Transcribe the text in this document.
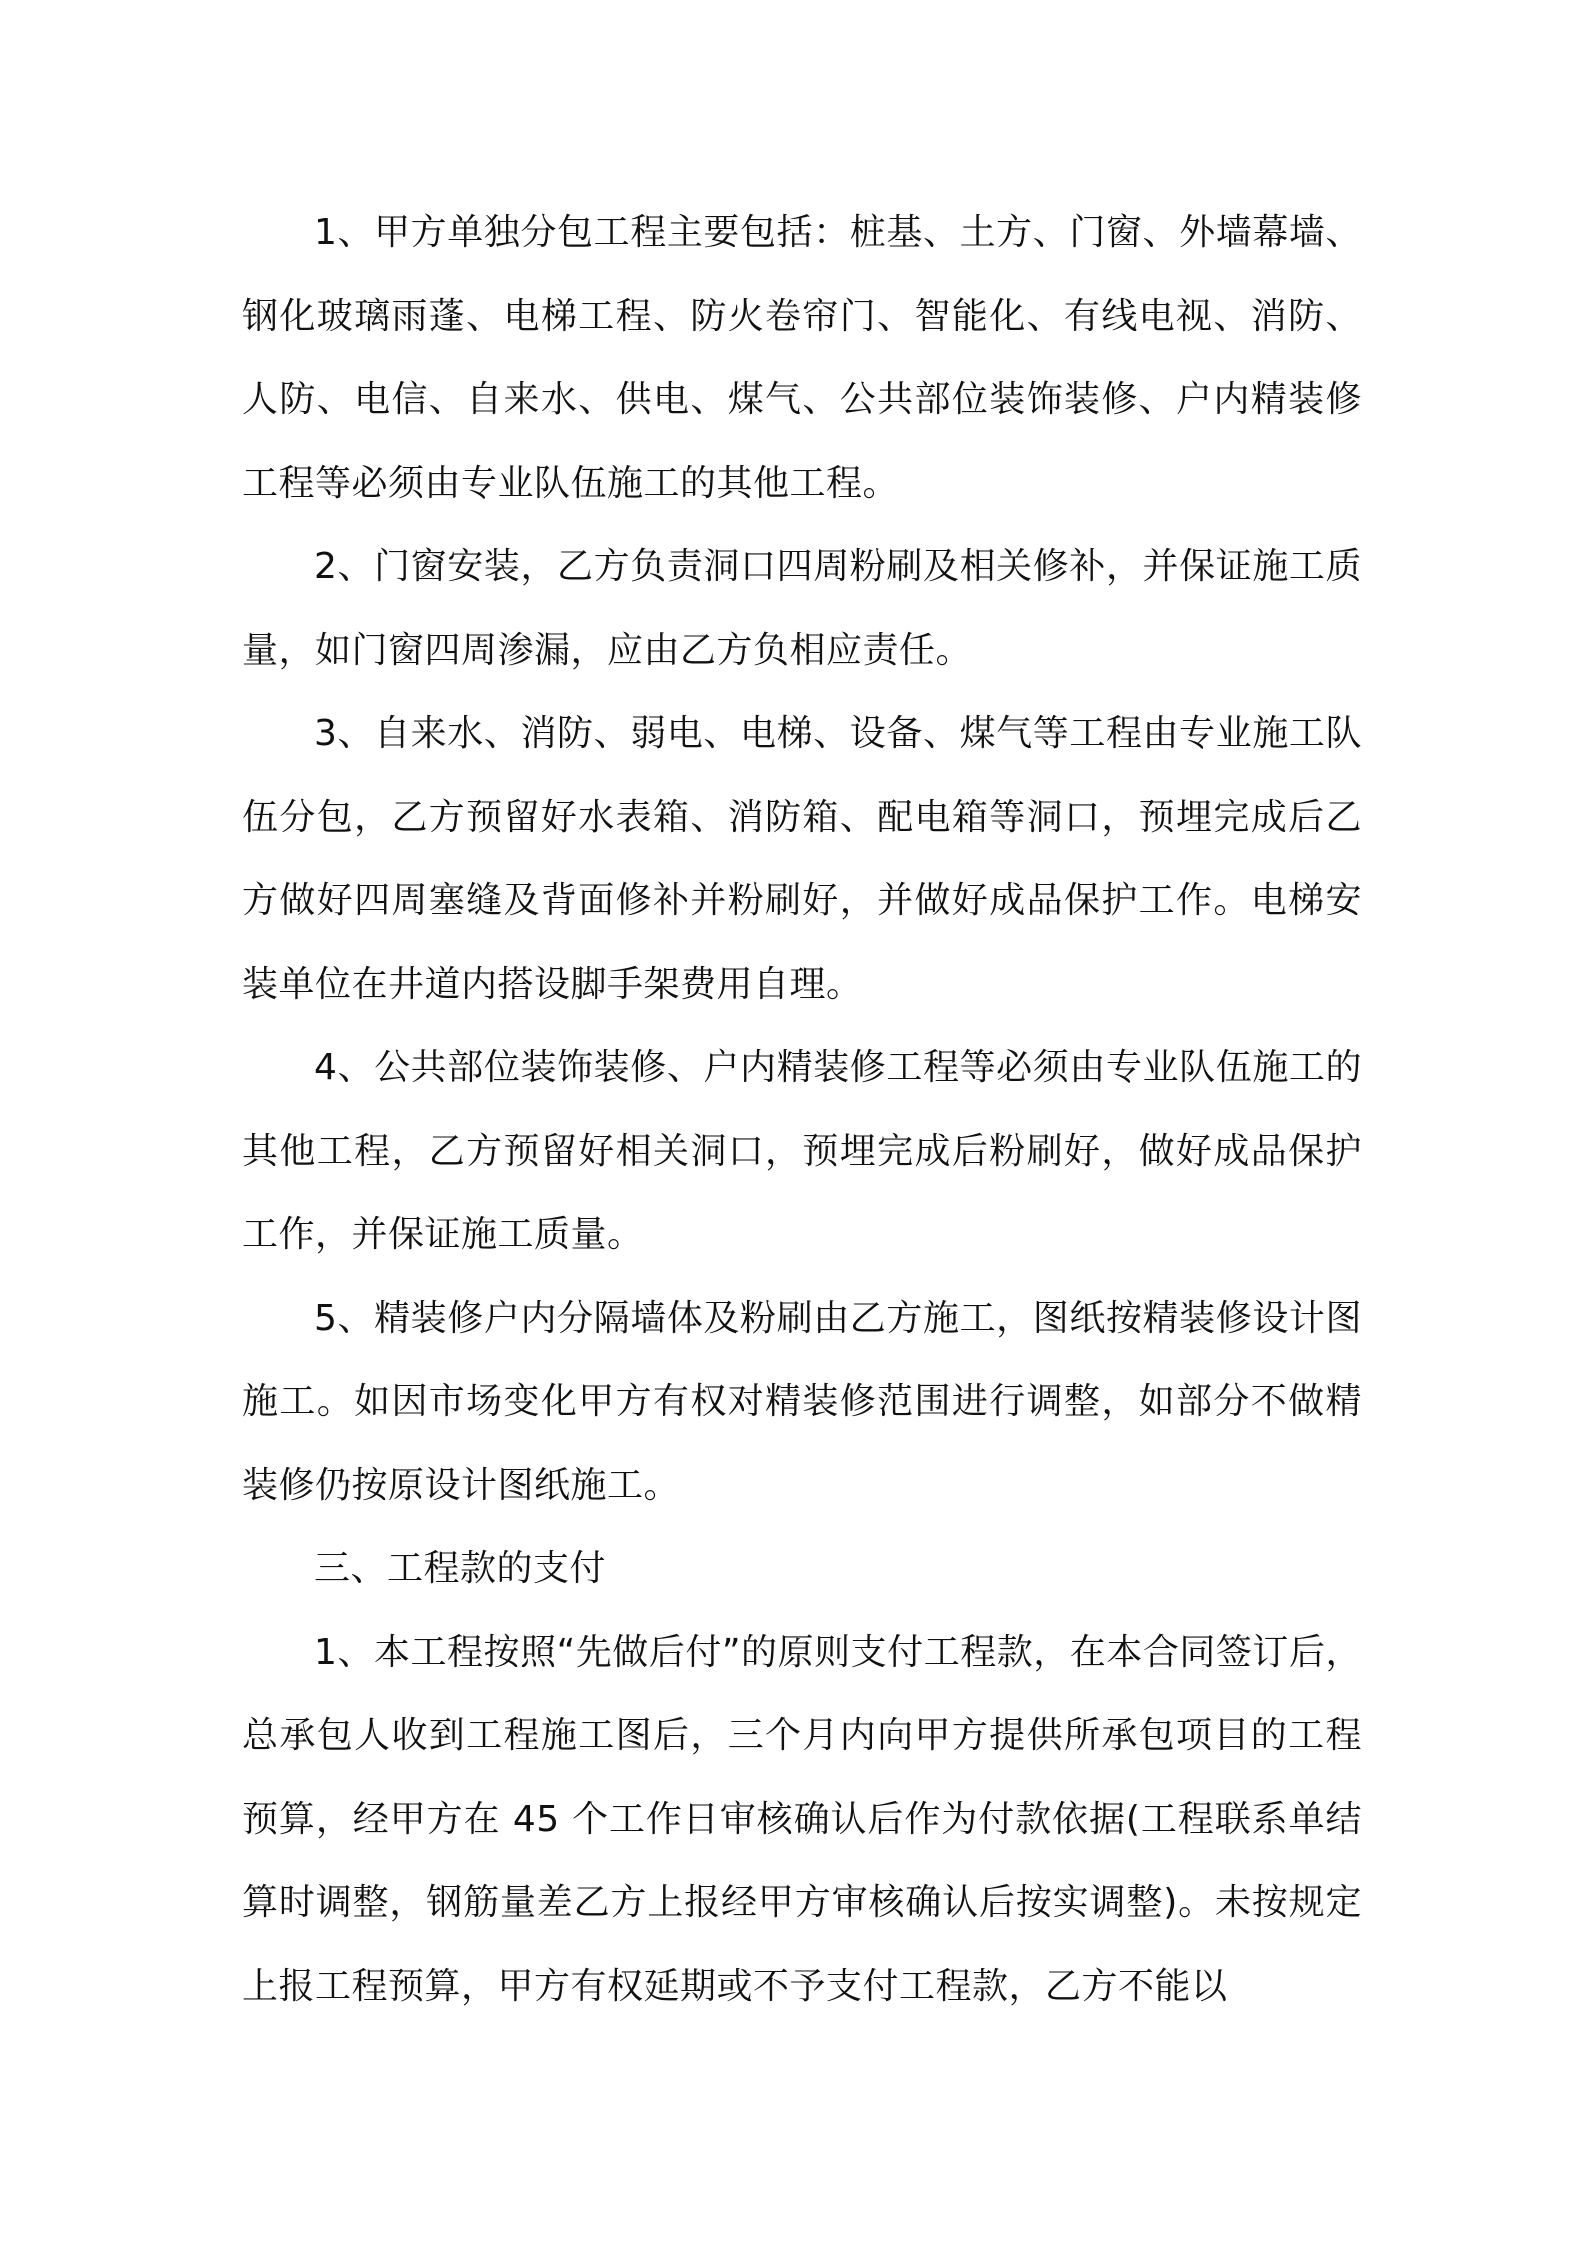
1、甲方单独分包工程主要包括：桩基、土方、门窗、外墙幕墙、钢化玻璃雨蓬、电梯工程、防火卷帘门、智能化、有线电视、消防、人防、电信、自来水、供电、煤气、公共部位装饰装修、户内精装修工程等必须由专业队伍施工的其他工程。

2、门窗安装，乙方负责洞口四周粉刷及相关修补，并保证施工质量，如门窗四周渗漏，应由乙方负相应责任。

3、自来水、消防、弱电、电梯、设备、煤气等工程由专业施工队伍分包，乙方预留好水表箱、消防箱、配电箱等洞口，预埋完成后乙方做好四周塞缝及背面修补并粉刷好，并做好成品保护工作。电梯安装单位在井道内搭设脚手架费用自理。

4、公共部位装饰装修、户内精装修工程等必须由专业队伍施工的其他工程，乙方预留好相关洞口，预埋完成后粉刷好，做好成品保护工作，并保证施工质量。

5、精装修户内分隔墙体及粉刷由乙方施工，图纸按精装修设计图施工。如因市场变化甲方有权对精装修范围进行调整，如部分不做精装修仍按原设计图纸施工。

三、工程款的支付

1、本工程按照“先做后付”的原则支付工程款，在本合同签订后，总承包人收到工程施工图后，三个月内向甲方提供所承包项目的工程预算，经甲方在 45 个工作日审核确认后作为付款依据(工程联系单结算时调整，钢筋量差乙方上报经甲方审核确认后按实调整)。未按规定上报工程预算，甲方有权延期或不予支付工程款，乙方不能以
